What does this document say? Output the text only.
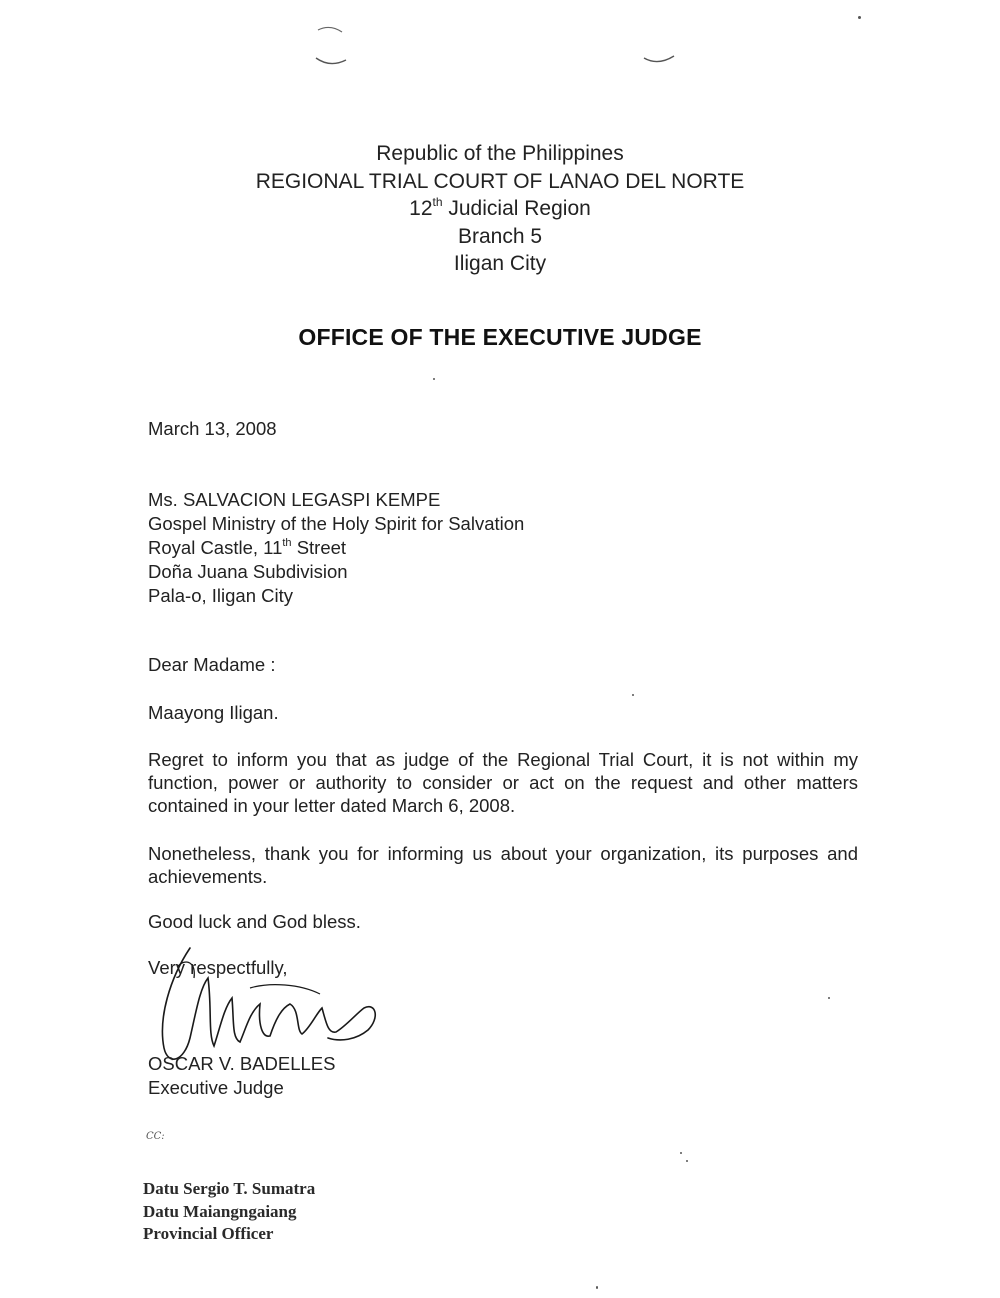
Republic of the Philippines
REGIONAL TRIAL COURT OF LANAO DEL NORTE
12th Judicial Region
Branch 5
Iligan City
OFFICE OF THE EXECUTIVE JUDGE
March 13, 2008
Ms. SALVACION LEGASPI KEMPE
Gospel Ministry of the Holy Spirit for Salvation
Royal Castle, 11th Street
Doña Juana Subdivision
Pala-o, Iligan City
Dear Madame :
Maayong Iligan.
Regret to inform you that as judge of the Regional Trial Court, it is not within my function, power or authority to consider or act on the request and other matters contained in your letter dated March 6, 2008.
Nonetheless, thank you for informing us about your organization, its purposes and achievements.
Good luck and God bless.
Very respectfully,
OSCAR V. BADELLES
Executive Judge
CC:
Datu Sergio T. Sumatra
Datu Maiangngaiang
Provincial Officer
